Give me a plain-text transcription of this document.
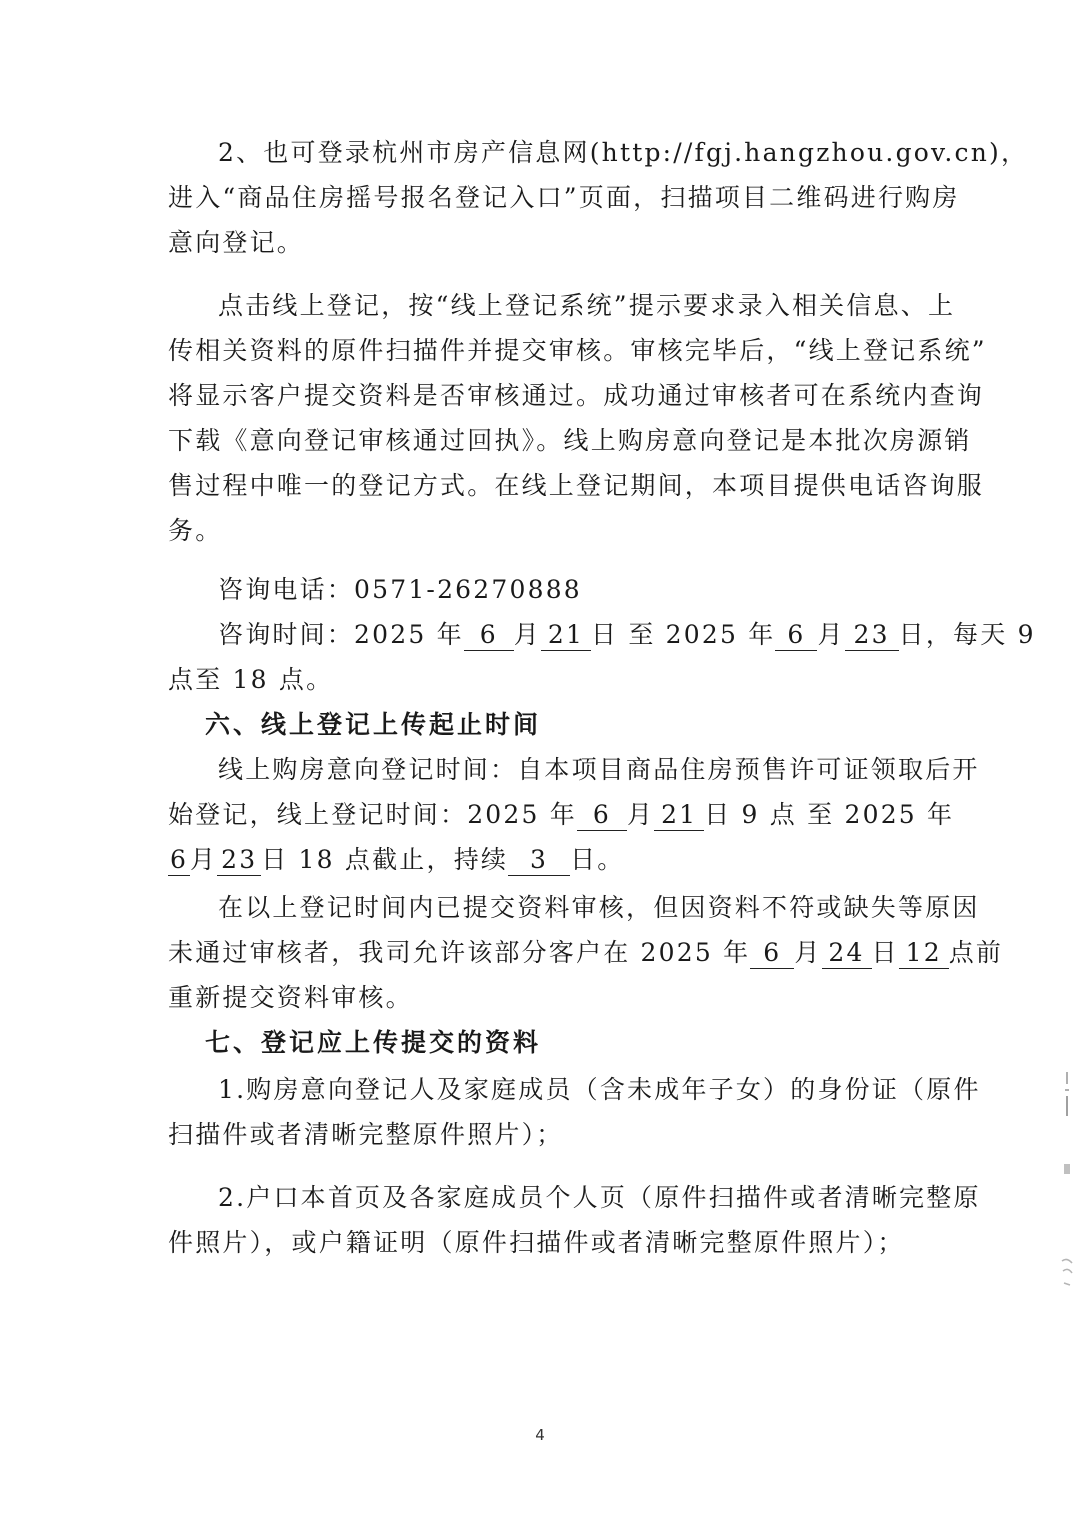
2、也可登录杭州市房产信息网(http://fgj.hangzhou.gov.cn)，
进入“商品住房摇号报名登记入口”页面，扫描项目二维码进行购房
意向登记。
点击线上登记，按“线上登记系统”提示要求录入相关信息、上
传相关资料的原件扫描件并提交审核。审核完毕后，“线上登记系统”
将显示客户提交资料是否审核通过。成功通过审核者可在系统内查询
下载《意向登记审核通过回执》。线上购房意向登记是本批次房源销
售过程中唯一的登记方式。在线上登记期间，本项目提供电话咨询服
务。
咨询电话：0571-26270888
咨询时间：2025 年 6 月 21 日 至 2025 年 6 月 23 日，每天 9
点至 18 点。
六、线上登记上传起止时间
线上购房意向登记时间：自本项目商品住房预售许可证领取后开
始登记，线上登记时间：2025 年 6 月 21 日 9 点 至 2025 年
6月 23 日 18 点截止，持续 3 日。
在以上登记时间内已提交资料审核，但因资料不符或缺失等原因
未通过审核者，我司允许该部分客户在 2025 年 6 月 24 日 12 点前
重新提交资料审核。
七、登记应上传提交的资料
1.购房意向登记人及家庭成员（含未成年子女）的身份证（原件
扫描件或者清晰完整原件照片）；
2.户口本首页及各家庭成员个人页（原件扫描件或者清晰完整原
件照片），或户籍证明（原件扫描件或者清晰完整原件照片）；
4
